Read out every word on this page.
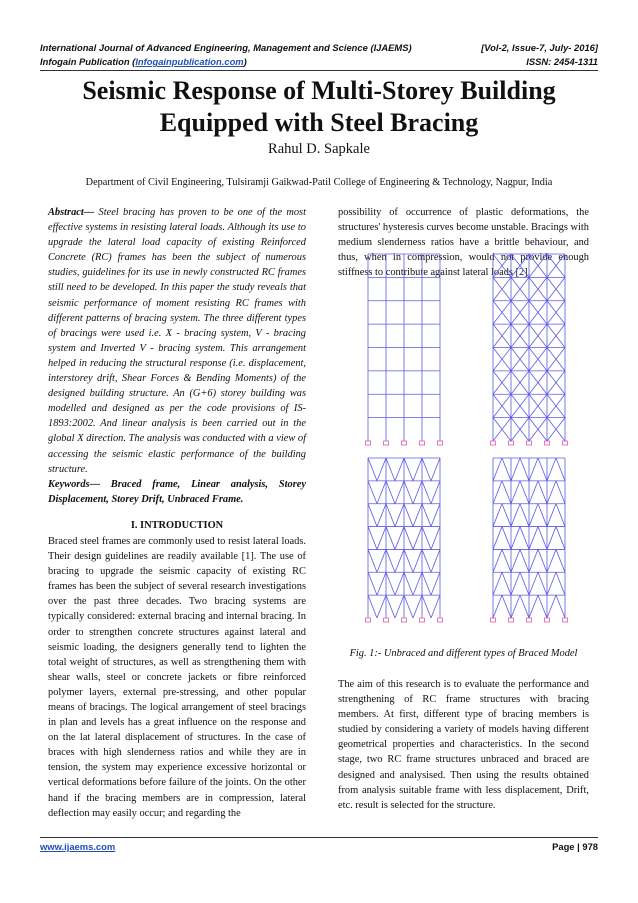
International Journal of Advanced Engineering, Management and Science (IJAEMS)	[Vol-2, Issue-7, July- 2016]
Infogain Publication (Infogainpublication.com)	ISSN: 2454-1311
Seismic Response of Multi-Storey Building
Equipped with Steel Bracing
Rahul D. Sapkale
Department of Civil Engineering, Tulsiramji Gaikwad-Patil College of Engineering & Technology, Nagpur, India

Abstract— Steel bracing has proven to be one of the most effective systems in resisting lateral loads. Although its use to upgrade the lateral load capacity of existing Reinforced Concrete (RC) frames has been the subject of numerous studies, guidelines for its use in newly constructed RC frames still need to be developed. In this paper the study reveals that seismic performance of moment resisting RC frames with different patterns of bracing system. The three different types of bracings were used i.e. X - bracing system, V - bracing system and Inverted V - bracing system. This arrangement helped in reducing the structural response (i.e. displacement, interstorey drift, Shear Forces & Bending Moments) of the designed building structure. An (G+6) storey building was modelled and designed as per the code provisions of IS-1893:2002. And linear analysis is been carried out in the global X direction. The analysis was conducted with a view of accessing the seismic elastic performance of the building structure.

Keywords— Braced frame, Linear analysis, Storey Displacement, Storey Drift, Unbraced Frame.

I. INTRODUCTION

Braced steel frames are commonly used to resist lateral loads. Their design guidelines are readily available [1]. The use of bracing to upgrade the seismic capacity of existing RC frames has been the subject of several research investigations over the past three decades. Two bracing systems are typically considered: external bracing and internal bracing. In order to strengthen concrete structures against lateral and seismic loading, the designers generally tend to lighten the total weight of structures, as well as strengthening them with shear walls, steel or concrete jackets or fibre reinforced polymer layers, external pre-stressing, and other popular means of bracings. The logical arrangement of steel bracings in plan and levels has a great influence on the response and on the lat lateral displacement of structures. In the case of braces with high slenderness ratios and while they are in tension, the system may experience excessive horizontal or vertical deformations before failure of the joints. On the other hand if the bracing members are in compression, lateral deflection may easily occur; and regarding the

possibility of occurrence of plastic deformations, the structures' hysteresis curves become unstable. Bracings with medium slenderness ratios have a brittle behaviour, and thus, when in compression, would not provide enough stiffness to contribute against lateral loads [2].

Fig. 1:- Unbraced and different types of Braced Model

The aim of this research is to evaluate the performance and strengthening of RC frame structures with bracing members. At first, different type of bracing members is studied by considering a variety of models having different geometrical properties and characteristics. In the second stage, two RC frame structures unbraced and braced are designed and analysised. Then using the results obtained from analysis suitable frame with less displacement, Drift, etc. result is selected for the structure.

www.ijaems.com	Page | 978
